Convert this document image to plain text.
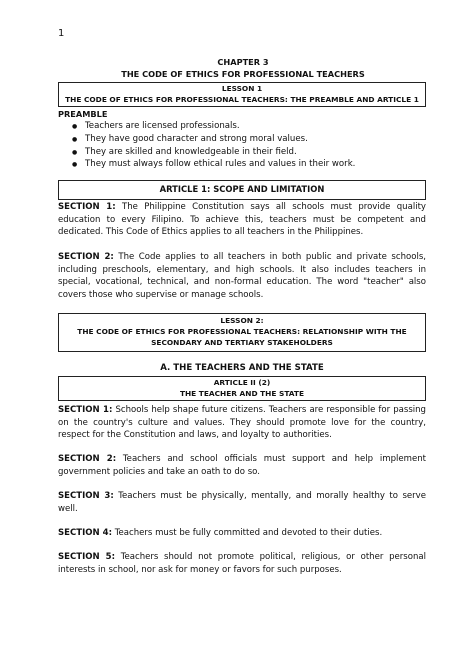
1
CHAPTER 3
THE CODE OF ETHICS FOR PROFESSIONAL TEACHERS
LESSON 1
THE CODE OF ETHICS FOR PROFESSIONAL TEACHERS: THE PREAMBLE AND ARTICLE 1
PREAMBLE
● Teachers are licensed professionals.
● They have good character and strong moral values.
● They are skilled and knowledgeable in their field.
● They must always follow ethical rules and values in their work.
ARTICLE 1: SCOPE AND LIMITATION

SECTION 1: The Philippine Constitution says all schools must provide quality education to every Filipino. To achieve this, teachers must be competent and dedicated. This Code of Ethics applies to all teachers in the Philippines.

SECTION 2: The Code applies to all teachers in both public and private schools, including preschools, elementary, and high schools. It also includes teachers in special, vocational, technical, and non-formal education. The word "teacher" also covers those who supervise or manage schools.

LESSON 2:
THE CODE OF ETHICS FOR PROFESSIONAL TEACHERS: RELATIONSHIP WITH THE
SECONDARY AND TERTIARY STAKEHOLDERS
A. THE TEACHERS AND THE STATE
ARTICLE II (2)
THE TEACHER AND THE STATE

SECTION 1: Schools help shape future citizens. Teachers are responsible for passing on the country's culture and values. They should promote love for the country, respect for the Constitution and laws, and loyalty to authorities.

SECTION 2: Teachers and school officials must support and help implement government policies and take an oath to do so.

SECTION 3: Teachers must be physically, mentally, and morally healthy to serve well.

SECTION 4: Teachers must be fully committed and devoted to their duties.

SECTION 5: Teachers should not promote political, religious, or other personal interests in school, nor ask for money or favors for such purposes.
